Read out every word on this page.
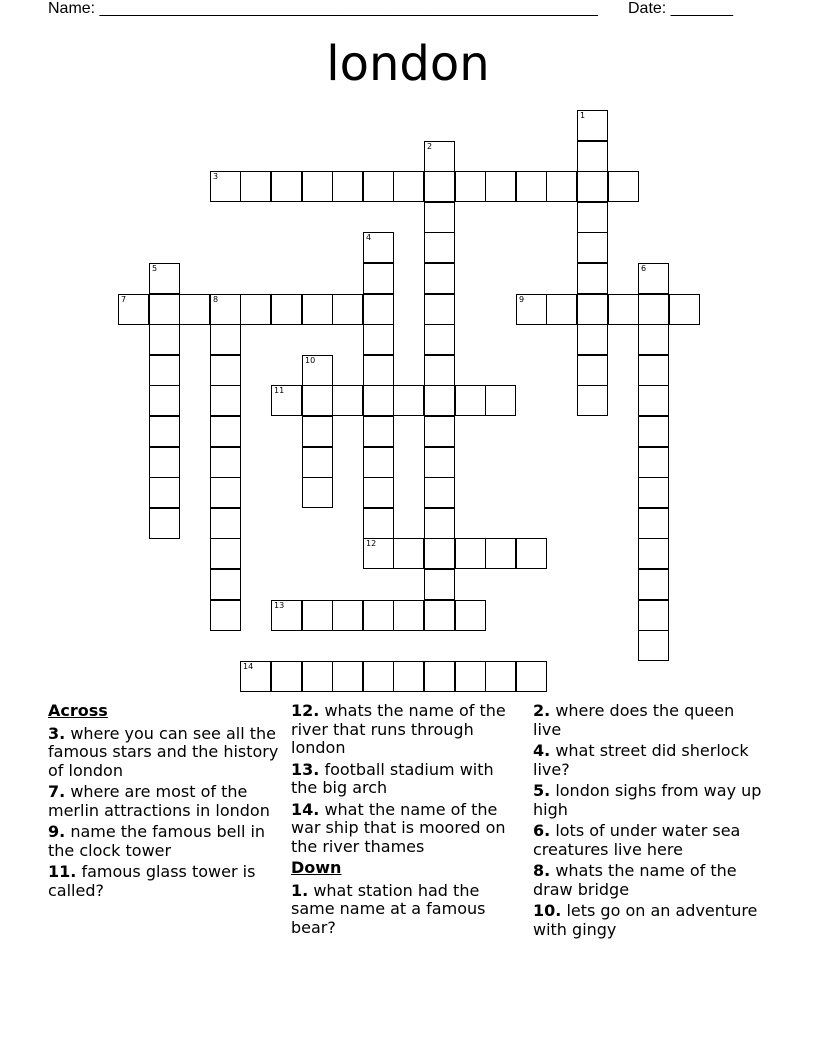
Name: ________________________________________________________ Date: _______
london
1
2
3
4
5	6
7	8	9
10
11
12
13
14
Across
3. where you can see all the famous stars and the history of london
7. where are most of the merlin attractions in london
9. name the famous bell in the clock tower
11. famous glass tower is called?
12. whats the name of the river that runs through london
13. football stadium with the big arch
14. what the name of the war ship that is moored on the river thames
Down
1. what station had the same name at a famous bear?
2. where does the queen live
4. what street did sherlock live?
5. london sighs from way up high
6. lots of under water sea creatures live here
8. whats the name of the draw bridge
10. lets go on an adventure with gingy
